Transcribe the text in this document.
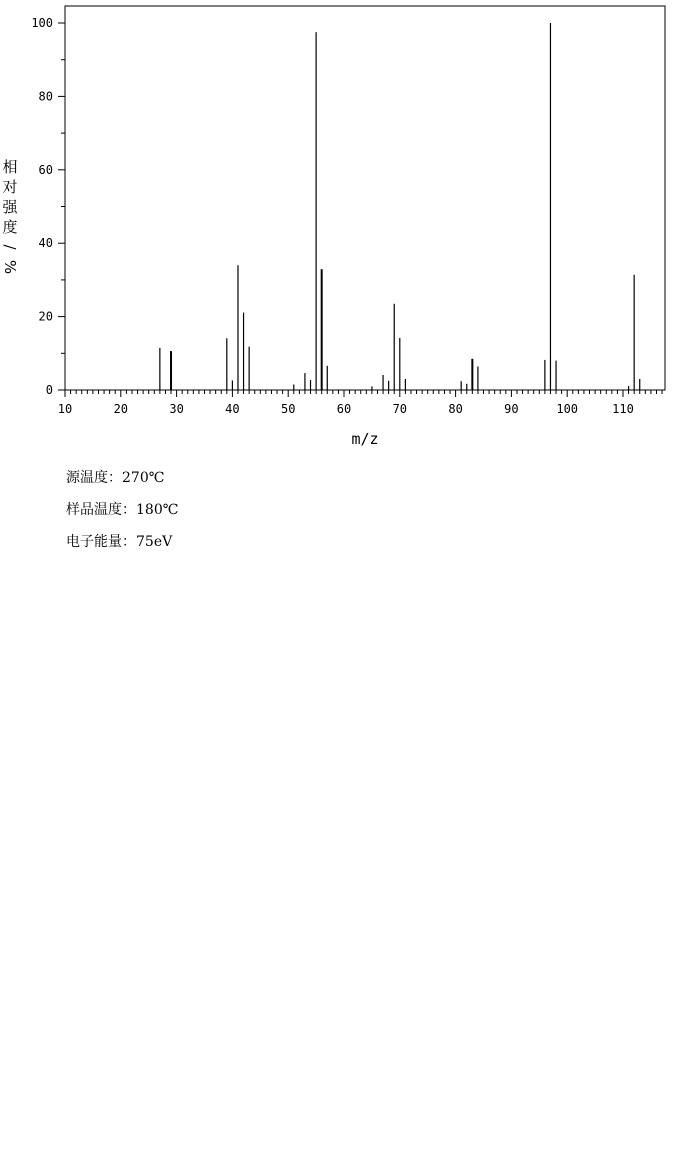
10	20	30	40	50	60	70	80	90	100	110
0
20
40
60
80
100
m/z
相
对
强
度
/
%
源温度：270℃
样品温度：180℃
电子能量：75eV
